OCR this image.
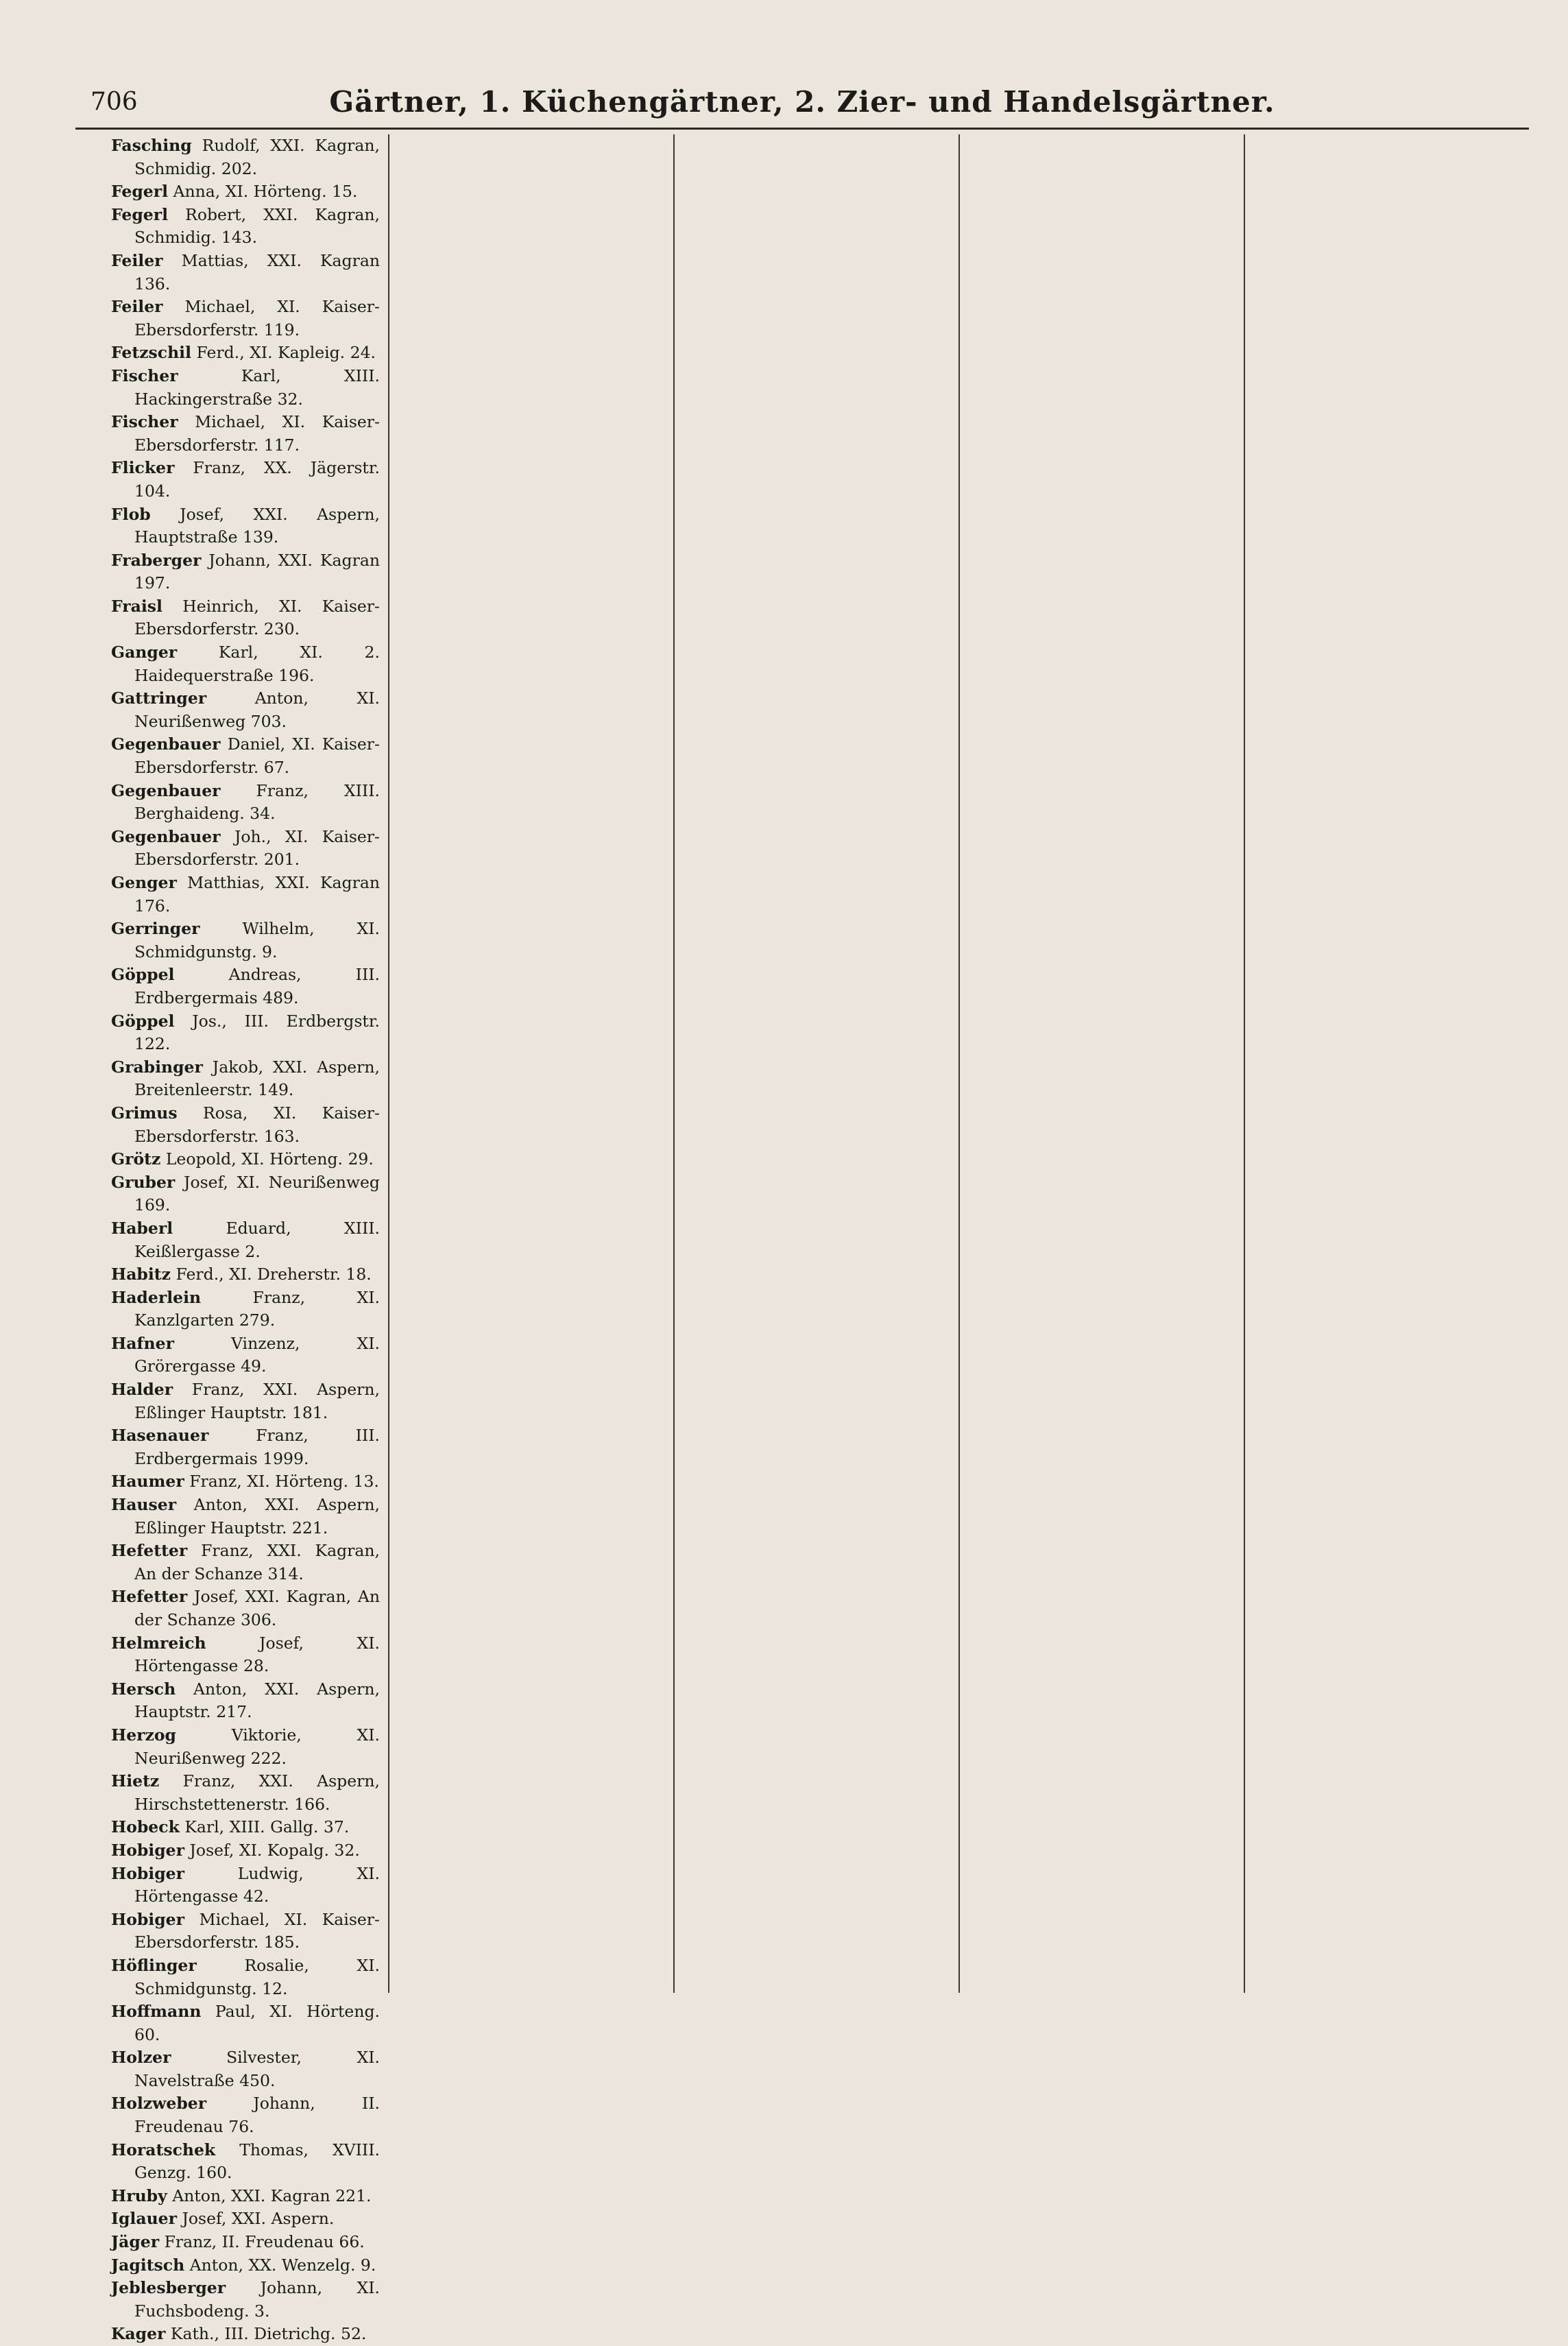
706	Gärtner, 1. Küchengärtner, 2. Zier- und Handelsgärtner.

Fasching Rudolf, XXI. Kagran, Schmidig. 202.

Fegerl Anna, XI. Hörteng. 15.

Fegerl Robert, XXI. Kagran, Schmidig. 143.

Feiler Mattias, XXI. Kagran 136.

Feiler Michael, XI. Kaiser-Ebersdorferstr. 119.

Fetzschil Ferd., XI. Kapleig. 24.

Fischer	Karl, XIII. Hackingerstraße 32.

Fischer Michael, XI. Kaiser-Ebersdorferstr. 117.

Flicker Franz, XX. Jägerstr. 104.

Flob Josef, XXI. Aspern, Hauptstraße 139.

Fraberger Johann, XXI. Kagran 197.

Fraisl Heinrich, XI. Kaiser-Ebersdorferstr. 230.

Ganger	Karl, XI. 2. Haidequerstraße 196.

Gattringer	Anton, XI. Neurißenweg 703.

Gegenbauer Daniel, XI. Kaiser-Ebersdorferstr. 67.

Gegenbauer Franz, XIII. Berghaideng. 34.

Gegenbauer Joh., XI. Kaiser-Ebersdorferstr. 201.

Genger Matthias, XXI. Kagran 176.

Gerringer	Wilhelm, XI. Schmidgunstg. 9.

Göppel	Andreas, III. Erdbergermais 489.

Göppel Jos., III. Erdbergstr. 122.

Grabinger Jakob, XXI. Aspern, Breitenleerstr. 149.

Grimus Rosa, XI. Kaiser-Ebersdorferstr. 163.

Grötz Leopold, XI. Hörteng. 29.

Gruber Josef, XI. Neurißenweg 169.

Haberl	Eduard, XIII. Keißlergasse 2.

Habitz Ferd., XI. Dreherstr. 18.

Haderlein	Franz, XI. Kanzlgarten 279.

Hafner	Vinzenz, XI. Grörergasse 49.

Halder Franz, XXI. Aspern, Eßlinger Hauptstr. 181.

Hasenauer	Franz, III. Erdbergermais 1999.

Haumer Franz, XI. Hörteng. 13.

Hauser Anton, XXI. Aspern, Eßlinger Hauptstr. 221.

Hefetter Franz, XXI. Kagran, An der Schanze 314.

Hefetter Josef, XXI. Kagran, An der Schanze 306.

Helmreich	Josef, XI. Hörtengasse 28.

Hersch Anton, XXI. Aspern, Hauptstr. 217.

Herzog	Viktorie, XI. Neurißenweg 222.

Hietz Franz, XXI. Aspern, Hirschstettenerstr. 166.

Hobeck Karl, XIII. Gallg. 37.

Hobiger Josef, XI. Kopalg. 32.

Hobiger	Ludwig, XI. Hörtengasse 42.

Hobiger Michael, XI. Kaiser-Ebersdorferstr. 185.

Höflinger	Rosalie, XI. Schmidgunstg. 12.

Hoffmann Paul, XI. Hörteng. 60.

Holzer	Silvester, XI. Navelstraße 450.

Holzweber	Johann, II. Freudenau 76.

Horatschek Thomas, XVIII. Genzg. 160.

Hruby Anton, XXI. Kagran 221.

Iglauer Josef, XXI. Aspern.

Jäger Franz, II. Freudenau 66.

Jagitsch Anton, XX. Wenzelg. 9.

Jeblesberger Johann, XI. Fuchsbodeng. 3.

Kager Kath., III. Dietrichg. 52.
